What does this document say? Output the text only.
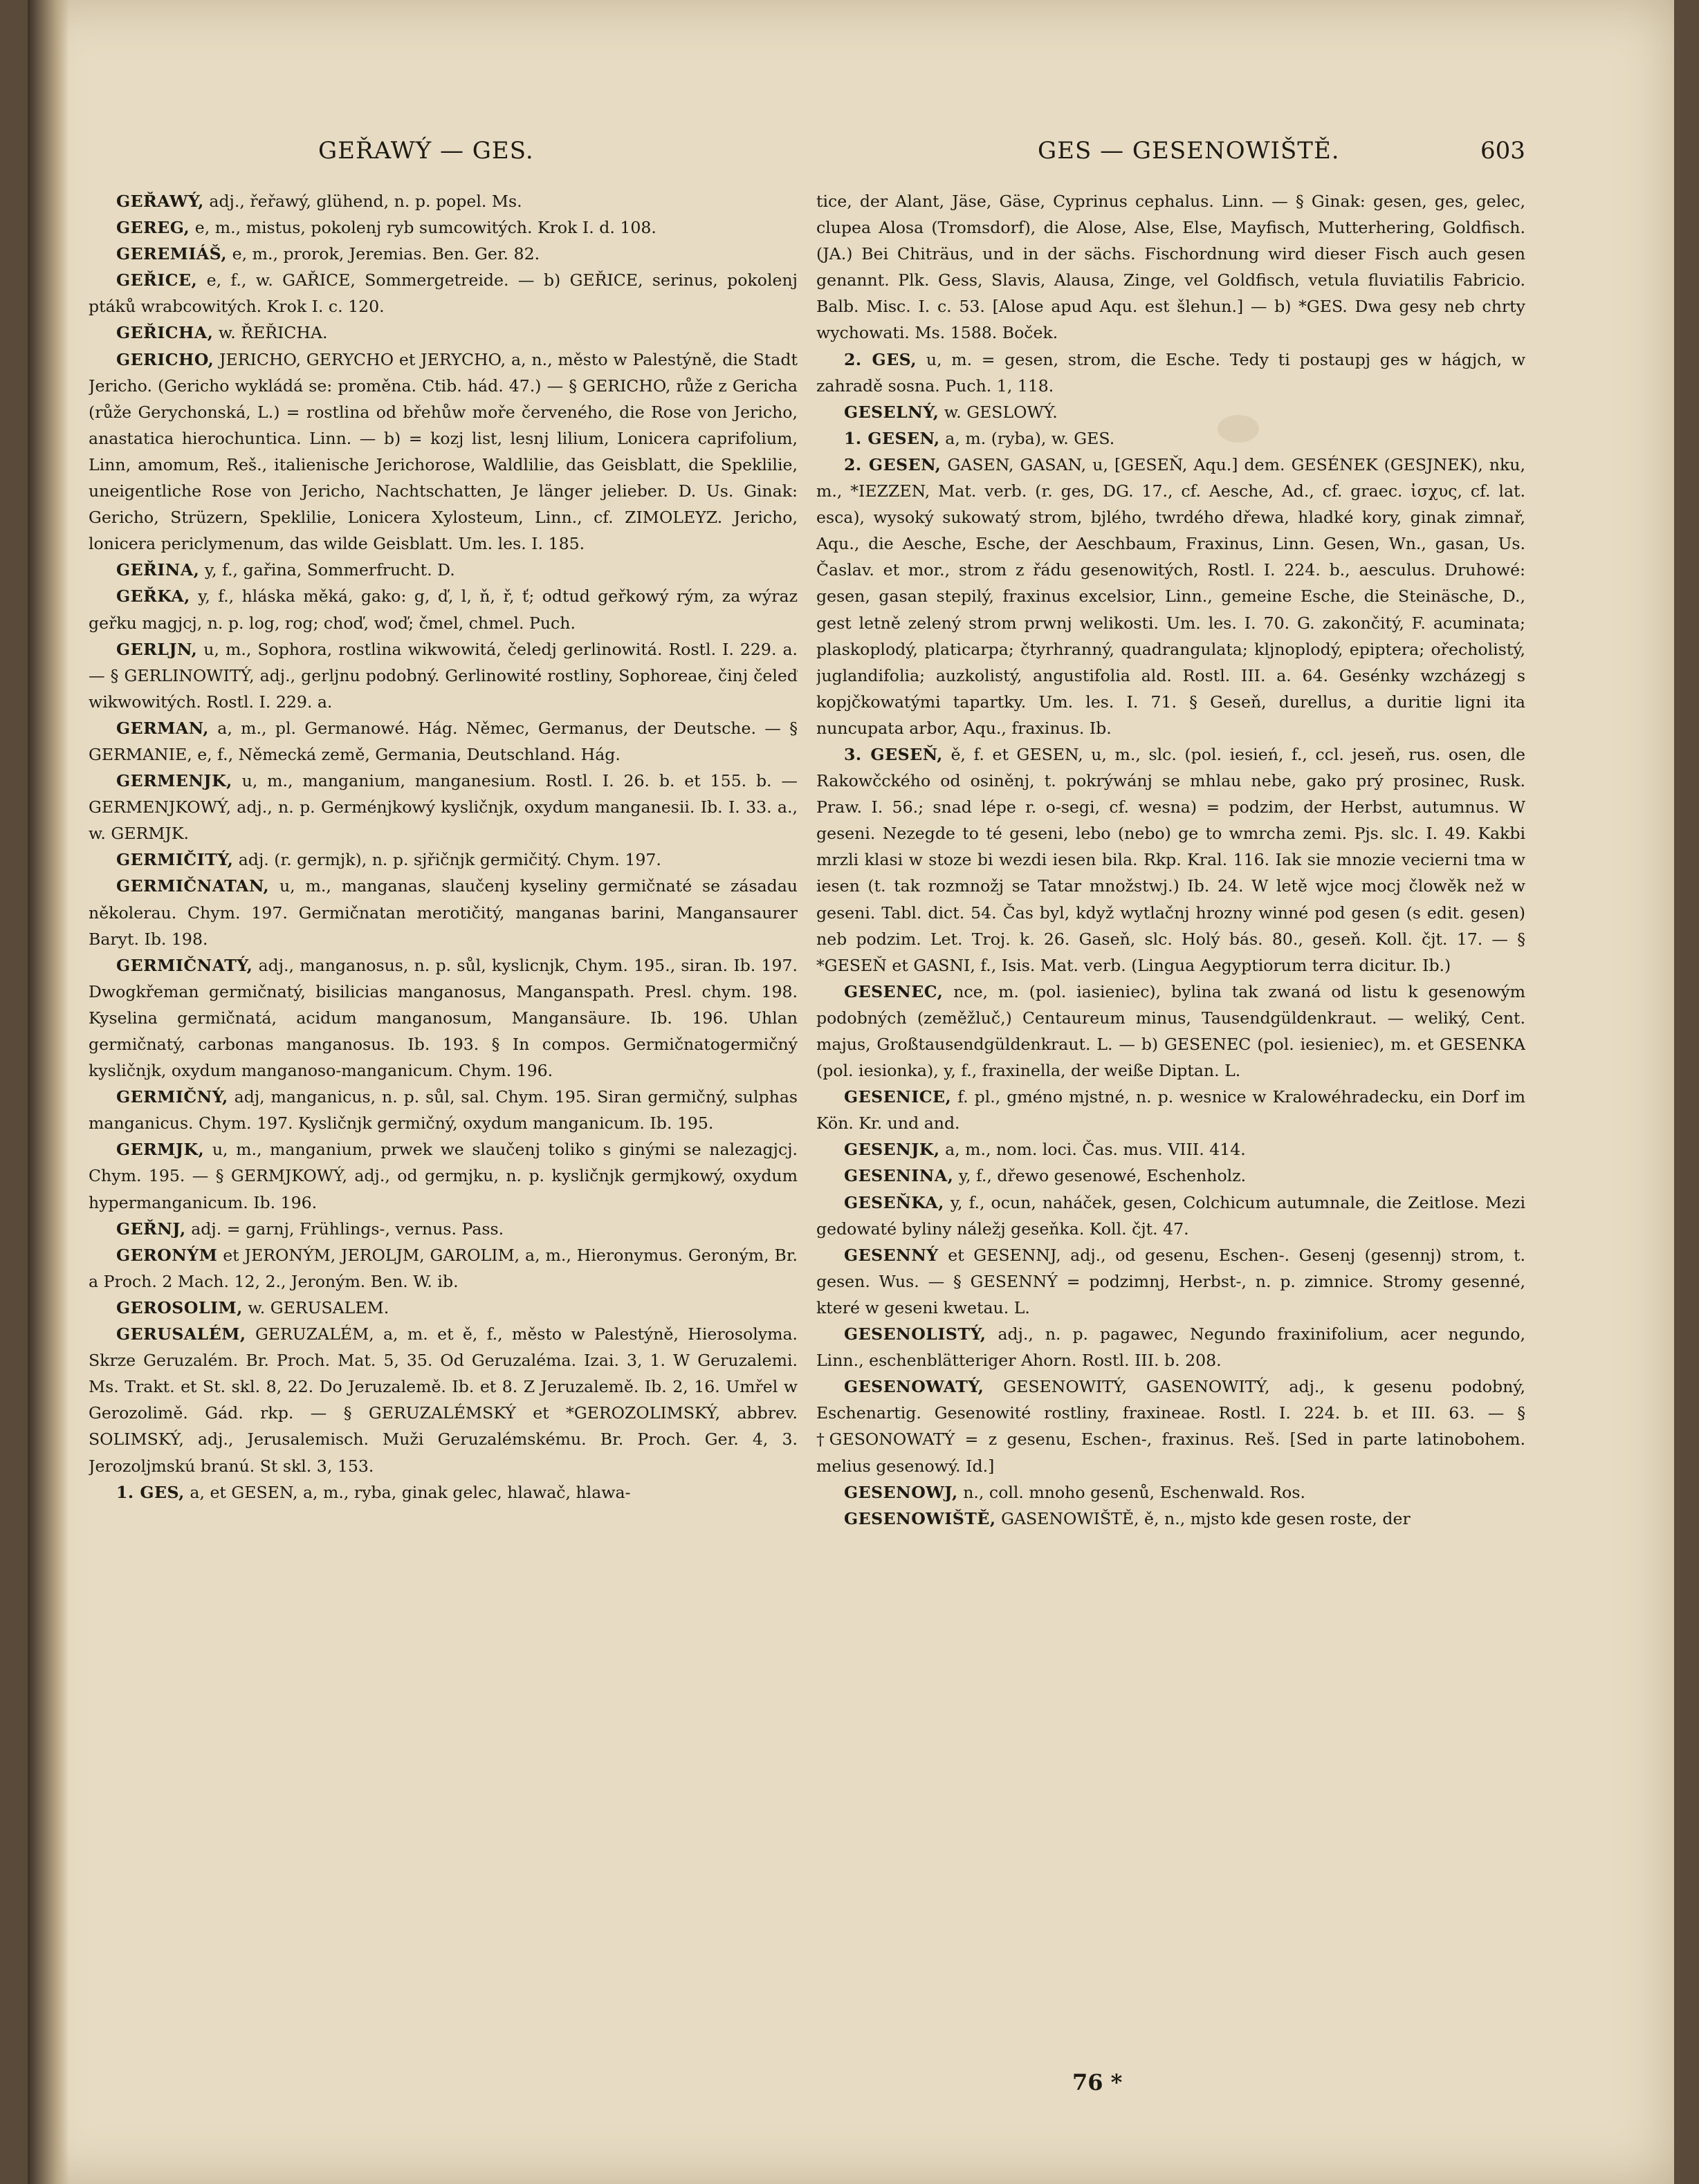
GEŘAWÝ — GES.	GES — GESENOWIŠTĚ.	603

GEŘAWÝ, adj., řeřawý, glühend, n. p. popel. Ms.

GEREG, e, m., mistus, pokolenj ryb sumcowitých. Krok I. d. 108.

GEREMIÁŠ, e, m., prorok, Jeremias. Ben. Ger. 82.

GEŘICE, e, f., w. GAŘICE, Sommergetreide. — b) GEŘICE, serinus, pokolenj ptáků wrabcowitých. Krok I. c. 120.

GEŘICHA, w. ŘEŘICHA.

GERICHO, JERICHO, GERYCHO et JERYCHO, a, n., město w Palestýně, die Stadt Jericho. (Gericho wykládá se: proměna. Ctib. hád. 47.) — § GERICHO, růže z Gericha (růže Gerychonská, L.) = rostlina od břehůw moře červeného, die Rose von Jericho, anastatica hierochuntica. Linn. — b) = kozj list, lesnj lilium, Lonicera caprifolium, Linn, amomum, Reš., italienische Jerichorose, Waldlilie, das Geisblatt, die Speklilie, uneigentliche Rose von Jericho, Nachtschatten, Je länger jelieber. D. Us. Ginak: Gericho, Strüzern, Speklilie, Lonicera Xylosteum, Linn., cf. ZIMOLEYZ. Jericho, lonicera periclymenum, das wilde Geisblatt. Um. les. I. 185.

GEŘINA, y, f., gařina, Sommerfrucht. D.

GEŘKA, y, f., hláska měká, gako: g, ď, l, ň, ř, ť; odtud geřkowý rým, za wýraz geřku magjcj, n. p. log, rog; choď, woď; čmel, chmel. Puch.

GERLJN, u, m., Sophora, rostlina wikwowitá, čeledj gerlinowitá. Rostl. I. 229. a. — § GERLINOWITÝ, adj., gerljnu podobný. Gerlinowité rostliny, Sophoreae, činj čeleď wikwowitých. Rostl. I. 229. a.

GERMAN, a, m., pl. Germanowé. Hág. Němec, Germanus, der Deutsche. — § GERMANIE, e, f., Německá země, Germania, Deutschland. Hág.

GERMENJK, u, m., manganium, manganesium. Rostl. I. 26. b. et 155. b. — GERMENJKOWÝ, adj., n. p. Germénjkowý kysličnjk, oxydum manganesii. Ib. I. 33. a., w. GERMJK.

GERMIČITÝ, adj. (r. germjk), n. p. sjřičnjk germičitý. Chym. 197.

GERMIČNATAN, u, m., manganas, slaučenj kyseliny germičnaté se zásadau několerau. Chym. 197. Germičnatan merotičitý, manganas barini, Mangansaurer Baryt. Ib. 198.

GERMIČNATÝ, adj., manganosus, n. p. sůl, kyslicnjk, Chym. 195., siran. Ib. 197. Dwogkřeman germičnatý, bisilicias manganosus, Manganspath. Presl. chym. 198. Kyselina germičnatá, acidum manganosum, Mangansäure. Ib. 196. Uhlan germičnatý, carbonas manganosus. Ib. 193. § In compos. Germičnatogermičný kysličnjk, oxydum manganoso-manganicum. Chym. 196.

GERMIČNÝ, adj, manganicus, n. p. sůl, sal. Chym. 195. Siran germičný, sulphas manganicus. Chym. 197. Kysličnjk germičný, oxydum manganicum. Ib. 195.

GERMJK, u, m., manganium, prwek we slaučenj toliko s ginými se nalezagjcj. Chym. 195. — § GERMJKOWÝ, adj., od germjku, n. p. kysličnjk germjkowý, oxydum hypermanganicum. Ib. 196.

GEŘNJ, adj. = garnj, Frühlings-, vernus. Pass.

GERONÝM et JERONÝM, JEROLJM, GAROLIM, a, m., Hieronymus. Geroným, Br. a Proch. 2 Mach. 12, 2., Jeroným. Ben. W. ib.

GEROSOLIM, w. GERUSALEM.

GERUSALÉM, GERUZALÉM, a, m. et ě, f., město w Palestýně, Hierosolyma. Skrze Geruzalém. Br. Proch. Mat. 5, 35. Od Geruzaléma. Izai. 3, 1. W Geruzalemi. Ms. Trakt. et St. skl. 8, 22. Do Jeruzalemě. Ib. et 8. Z Jeruzalemě. Ib. 2, 16. Umřel w Gerozolimě. Gád. rkp. — § GERUZALÉMSKÝ et *GEROZOLIMSKÝ, abbrev. SOLIMSKÝ, adj., Jerusalemisch. Muži Geruzalémskému. Br. Proch. Ger. 4, 3. Jerozoljmskú branú. St skl. 3, 153.

1. GES, a, et GESEN, a, m., ryba, ginak gelec, hlawač, hlawa-

tice, der Alant, Jäse, Gäse, Cyprinus cephalus. Linn. — § Ginak: gesen, ges, gelec, clupea Alosa (Tromsdorf), die Alose, Alse, Else, Mayfisch, Mutterhering, Goldfisch. (JA.) Bei Chiträus, und in der sächs. Fischordnung wird dieser Fisch auch gesen genannt. Plk. Gess, Slavis, Alausa, Zinge, vel Goldfisch, vetula fluviatilis Fabricio. Balb. Misc. I. c. 53. [Alose apud Aqu. est šlehun.] — b) *GES. Dwa gesy neb chrty wychowati. Ms. 1588. Boček.

2. GES, u, m. = gesen, strom, die Esche. Tedy ti postaupj ges w hágjch, w zahradě sosna. Puch. 1, 118.

GESELNÝ, w. GESLOWÝ.

1. GESEN, a, m. (ryba), w. GES.

2. GESEN, GASEN, GASAN, u, [GESEŇ, Aqu.] dem. GESÉNEK (GESJNEK), nku, m., *IEZZEN, Mat. verb. (r. ges, DG. 17., cf. Aesche, Ad., cf. graec. ἰσχυς, cf. lat. esca), wysoký sukowatý strom, bjlého, twrdého dřewa, hladké kory, ginak zimnař, Aqu., die Aesche, Esche, der Aeschbaum, Fraxinus, Linn. Gesen, Wn., gasan, Us. Časlav. et mor., strom z řádu gesenowitých, Rostl. I. 224. b., aesculus. Druhowé: gesen, gasan stepilý, fraxinus excelsior, Linn., gemeine Esche, die Steinäsche, D., gest letně zelený strom prwnj welikosti. Um. les. I. 70. G. zakončitý, F. acuminata; plaskoplodý, platicarpa; čtyrhranný, quadrangulata; kljnoplodý, epiptera; ořecholistý, juglandifolia; auzkolistý, angustifolia ald. Rostl. III. a. 64. Gesénky wzcházegj s kopjčkowatými tapartky. Um. les. I. 71. § Geseň, durellus, a duritie ligni ita nuncupata arbor, Aqu., fraxinus. Ib.

3. GESEŇ, ě, f. et GESEN, u, m., slc. (pol. iesień, f., ccl. jeseň, rus. osen, dle Rakowčckého od osiněnj, t. pokrýwánj se mhlau nebe, gako prý prosinec, Rusk. Praw. I. 56.; snad lépe r. o-segi, cf. wesna) = podzim, der Herbst, autumnus. W geseni. Nezegde to té geseni, lebo (nebo) ge to wmrcha zemi. Pjs. slc. I. 49. Kakbi mrzli klasi w stoze bi wezdi iesen bila. Rkp. Kral. 116. Iak sie mnozie vecierni tma w iesen (t. tak rozmnožj se Tatar množstwj.) Ib. 24. W letě wjce mocj člowěk než w geseni. Tabl. dict. 54. Čas byl, když wytlačnj hrozny winné pod gesen (s edit. gesen) neb podzim. Let. Troj. k. 26. Gaseň, slc. Holý bás. 80., geseň. Koll. čjt. 17. — § *GESEŇ et GASNI, f., Isis. Mat. verb. (Lingua Aegyptiorum terra dicitur. Ib.)

GESENEC, nce, m. (pol. iasieniec), bylina tak zwaná od listu k gesenowým podobných (zeměžluč,) Centaureum minus, Tausendgüldenkraut. — weliký, Cent. majus, Großtausendgüldenkraut. L. — b) GESENEC (pol. iesieniec), m. et GESENKA (pol. iesionka), y, f., fraxinella, der weiße Diptan. L.

GESENICE, f. pl., gméno mjstné, n. p. wesnice w Kralowéhradecku, ein Dorf im Kön. Kr. und and.

GESENJK, a, m., nom. loci. Čas. mus. VIII. 414.

GESENINA, y, f., dřewo gesenowé, Eschenholz.

GESEŇKA, y, f., ocun, naháček, gesen, Colchicum autumnale, die Zeitlose. Mezi gedowaté byliny náležj geseňka. Koll. čjt. 47.

GESENNÝ et GESENNJ, adj., od gesenu, Eschen-. Gesenj (gesennj) strom, t. gesen. Wus. — § GESENNÝ = podzimnj, Herbst-, n. p. zimnice. Stromy gesenné, které w geseni kwetau. L.

GESENOLISTÝ, adj., n. p. pagawec, Negundo fraxinifolium, acer negundo, Linn., eschenblätteriger Ahorn. Rostl. III. b. 208.

GESENOWATÝ, GESENOWITÝ, GASENOWITÝ, adj., k gesenu podobný, Eschenartig. Gesenowité rostliny, fraxineae. Rostl. I. 224. b. et III. 63. — § †GESONOWATÝ = z gesenu, Eschen-, fraxinus. Reš. [Sed in parte latinobohem. melius gesenowý. Id.]

GESENOWJ, n., coll. mnoho gesenů, Eschenwald. Ros.

GESENOWIŠTĚ, GASENOWIŠTĚ, ě, n., mjsto kde gesen roste, der

76 *
